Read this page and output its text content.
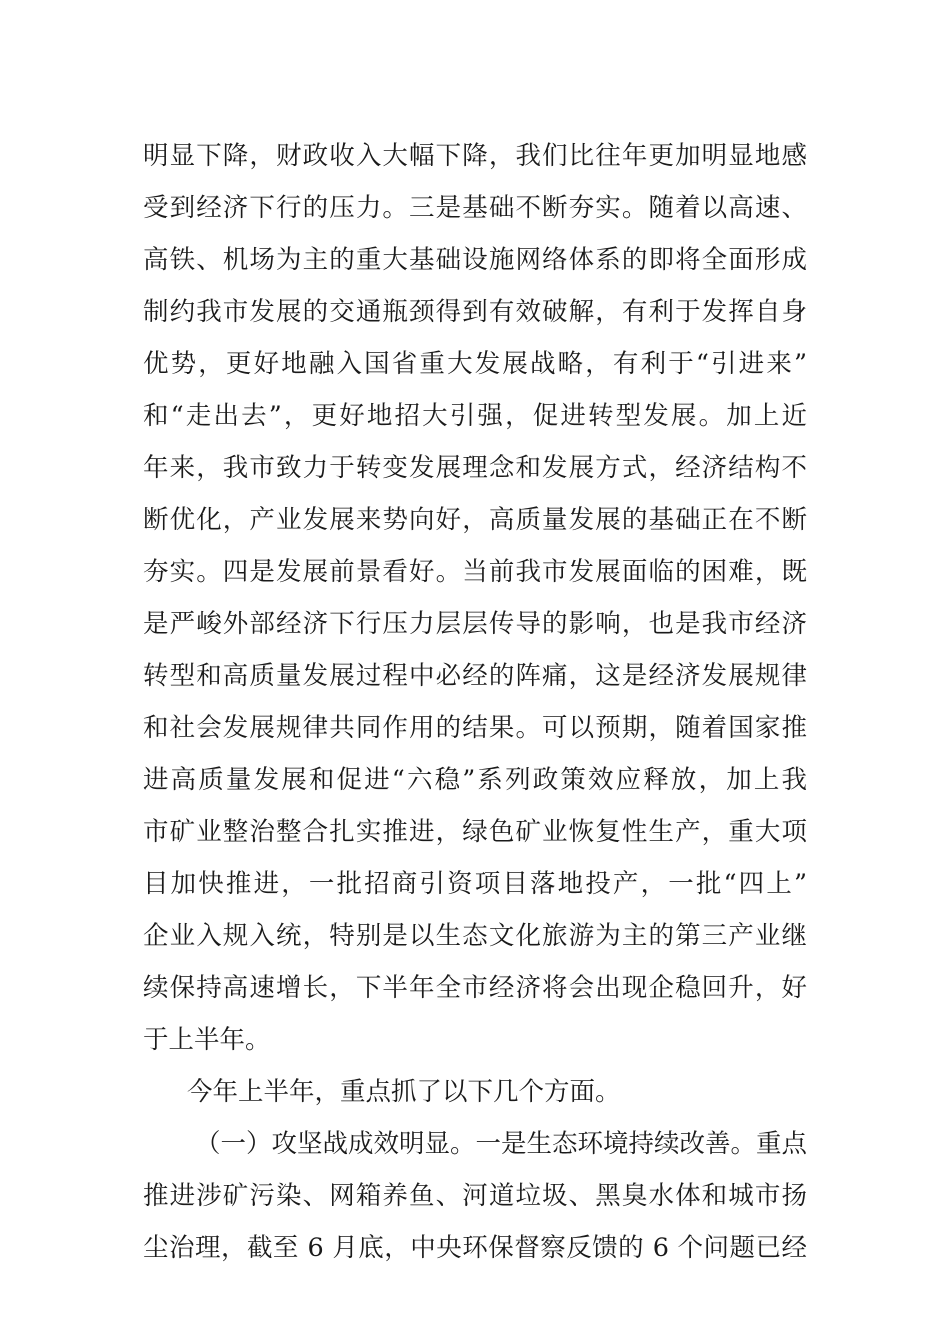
明显下降，财政收入大幅下降，我们比往年更加明显地感
受到经济下行的压力。三是基础不断夯实。随着以高速、
高铁、机场为主的重大基础设施网络体系的即将全面形成
制约我市发展的交通瓶颈得到有效破解，有利于发挥自身
优势，更好地融入国省重大发展战略，有利于“引进来”
和“走出去”，更好地招大引强，促进转型发展。加上近
年来，我市致力于转变发展理念和发展方式，经济结构不
断优化，产业发展来势向好，高质量发展的基础正在不断
夯实。四是发展前景看好。当前我市发展面临的困难，既
是严峻外部经济下行压力层层传导的影响，也是我市经济
转型和高质量发展过程中必经的阵痛，这是经济发展规律
和社会发展规律共同作用的结果。可以预期，随着国家推
进高质量发展和促进“六稳”系列政策效应释放，加上我
市矿业整治整合扎实推进，绿色矿业恢复性生产，重大项
目加快推进，一批招商引资项目落地投产，一批“四上”
企业入规入统，特别是以生态文化旅游为主的第三产业继
续保持高速增长，下半年全市经济将会出现企稳回升，好
于上半年。
今年上半年，重点抓了以下几个方面。
（一）攻坚战成效明显。一是生态环境持续改善。重点
推进涉矿污染、网箱养鱼、河道垃圾、黑臭水体和城市扬
尘治理，截至 6 月底，中央环保督察反馈的 6 个问题已经
